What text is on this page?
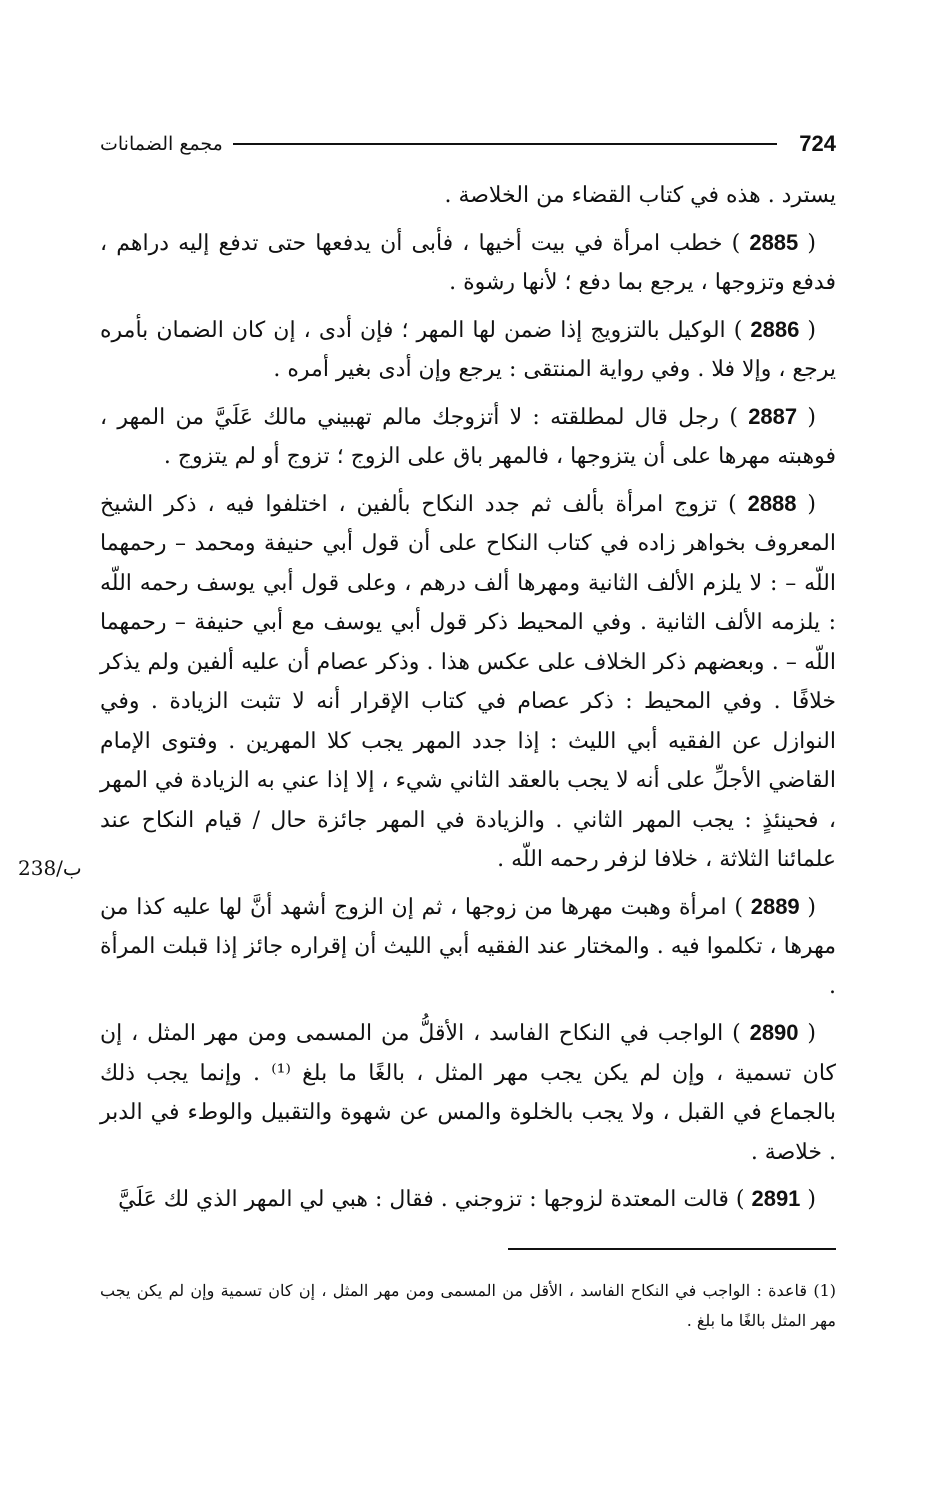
مجمع الضمانات	724

يسترد . هذه في كتاب القضاء من الخلاصة .

( 2885 ) خطب امرأة في بيت أخيها ، فأبى أن يدفعها حتى تدفع إليه دراهم ، فدفع وتزوجها ، يرجع بما دفع ؛ لأنها رشوة .

( 2886 ) الوكيل بالتزويج إذا ضمن لها المهر ؛ فإن أدى ، إن كان الضمان بأمره يرجع ، وإلا فلا . وفي رواية المنتقى : يرجع وإن أدى بغير أمره .

( 2887 ) رجل قال لمطلقته : لا أتزوجك مالم تهبيني مالك عَلَيَّ من المهر ، فوهبته مهرها على أن يتزوجها ، فالمهر باق على الزوج ؛ تزوج أو لم يتزوج .

( 2888 ) تزوج امرأة بألف ثم جدد النكاح بألفين ، اختلفوا فيه ، ذكر الشيخ المعروف بخواهر زاده في كتاب النكاح على أن قول أبي حنيفة ومحمد – رحمهما اللّه – : لا يلزم الألف الثانية ومهرها ألف درهم ، وعلى قول أبي يوسف رحمه اللّه : يلزمه الألف الثانية . وفي المحيط ذكر قول أبي يوسف مع أبي حنيفة – رحمهما اللّه – . وبعضهم ذكر الخلاف على عكس هذا . وذكر عصام أن عليه ألفين ولم يذكر خلافًا . وفي المحيط : ذكر عصام في كتاب الإقرار أنه لا تثبت الزيادة . وفي النوازل عن الفقيه أبي الليث : إذا جدد المهر يجب كلا المهرين . وفتوى الإمام القاضي الأجلِّ على أنه لا يجب بالعقد الثاني شيء ، إلا إذا عني به الزيادة في المهر ، فحينئذٍ : يجب المهر الثاني . والزيادة في المهر جائزة حال / قيام النكاح عند علمائنا الثلاثة ، خلافا لزفر رحمه اللّه .

( 2889 ) امرأة وهبت مهرها من زوجها ، ثم إن الزوج أشهد أنَّ لها عليه كذا من مهرها ، تكلموا فيه . والمختار عند الفقيه أبي الليث أن إقراره جائز إذا قبلت المرأة .

( 2890 ) الواجب في النكاح الفاسد ، الأقلُّ من المسمى ومن مهر المثل ، إن كان تسمية ، وإن لم يكن يجب مهر المثل ، بالغًا ما بلغ ⁽¹⁾ . وإنما يجب ذلك بالجماع في القبل ، ولا يجب بالخلوة والمس عن شهوة والتقبيل والوطء في الدبر . خلاصة .

( 2891 ) قالت المعتدة لزوجها : تزوجني . فقال : هبي لي المهر الذي لك عَلَيَّ

238/ب
(1) قاعدة : الواجب في النكاح الفاسد ، الأقل من المسمى ومن مهر المثل ، إن كان تسمية وإن لم يكن يجب مهر المثل بالغًا ما بلغ .
